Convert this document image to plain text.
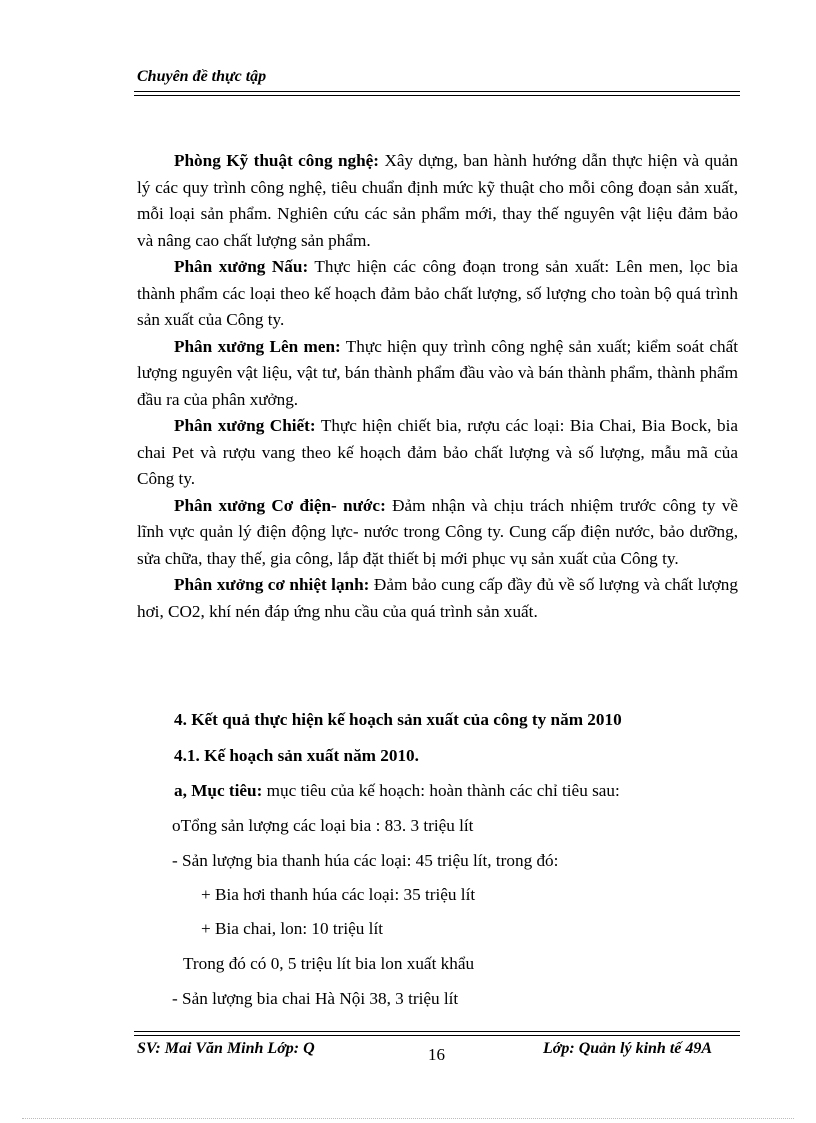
Chuyên đề thực tập

Phòng Kỹ thuật công nghệ: Xây dựng, ban hành hướng dẫn thực hiện và quản lý các quy trình công nghệ, tiêu chuẩn định mức kỹ thuật cho mỗi công đoạn sản xuất, mỗi loại sản phẩm. Nghiên cứu các sản phẩm mới, thay thế nguyên vật liệu đảm bảo và nâng cao chất lượng sản phẩm.

Phân xưởng Nấu: Thực hiện các công đoạn trong sản xuất: Lên men, lọc bia thành phẩm các loại theo kế hoạch đảm bảo chất lượng, số lượng cho toàn bộ quá trình sản xuất của Công ty.

Phân xưởng Lên men: Thực hiện quy trình công nghệ sản xuất; kiểm soát chất lượng nguyên vật liệu, vật tư, bán thành phẩm đầu vào và bán thành phẩm, thành phẩm đầu ra của phân xưởng.

Phân xưởng Chiết: Thực hiện chiết bia, rượu các loại: Bia Chai, Bia Bock, bia chai Pet và rượu vang theo kế hoạch đảm bảo chất lượng và số lượng, mẫu mã của Công ty.

Phân xưởng Cơ điện- nước: Đảm nhận và chịu trách nhiệm trước công ty về lĩnh vực quản lý điện động lực- nước trong Công ty. Cung cấp điện nước, bảo dưỡng, sửa chữa, thay thế, gia công, lắp đặt thiết bị mới phục vụ sản xuất của Công ty.

Phân xưởng cơ nhiệt lạnh: Đảm bảo cung cấp đầy đủ về số lượng và chất lượng hơi, CO2, khí nén đáp ứng nhu cầu của quá trình sản xuất.

4. Kết quả thực hiện kế hoạch sản xuất của công ty năm 2010
4.1. Kế hoạch sản xuất năm 2010.
a, Mục tiêu: mục tiêu của kế hoạch: hoàn thành các chỉ tiêu sau:
oTổng sản lượng các loại bia : 83. 3 triệu lít
- Sản lượng bia thanh húa các loại: 45 triệu lít, trong đó:
+ Bia hơi thanh húa các loại: 35 triệu lít
+ Bia chai, lon: 10 triệu lít
Trong đó có 0, 5 triệu lít bia lon xuất khẩu
- Sản lượng bia chai Hà Nội 38, 3 triệu lít
SV: Mai Văn Minh Lớp: Q	16	Lớp: Quản lý kinh tế 49A
